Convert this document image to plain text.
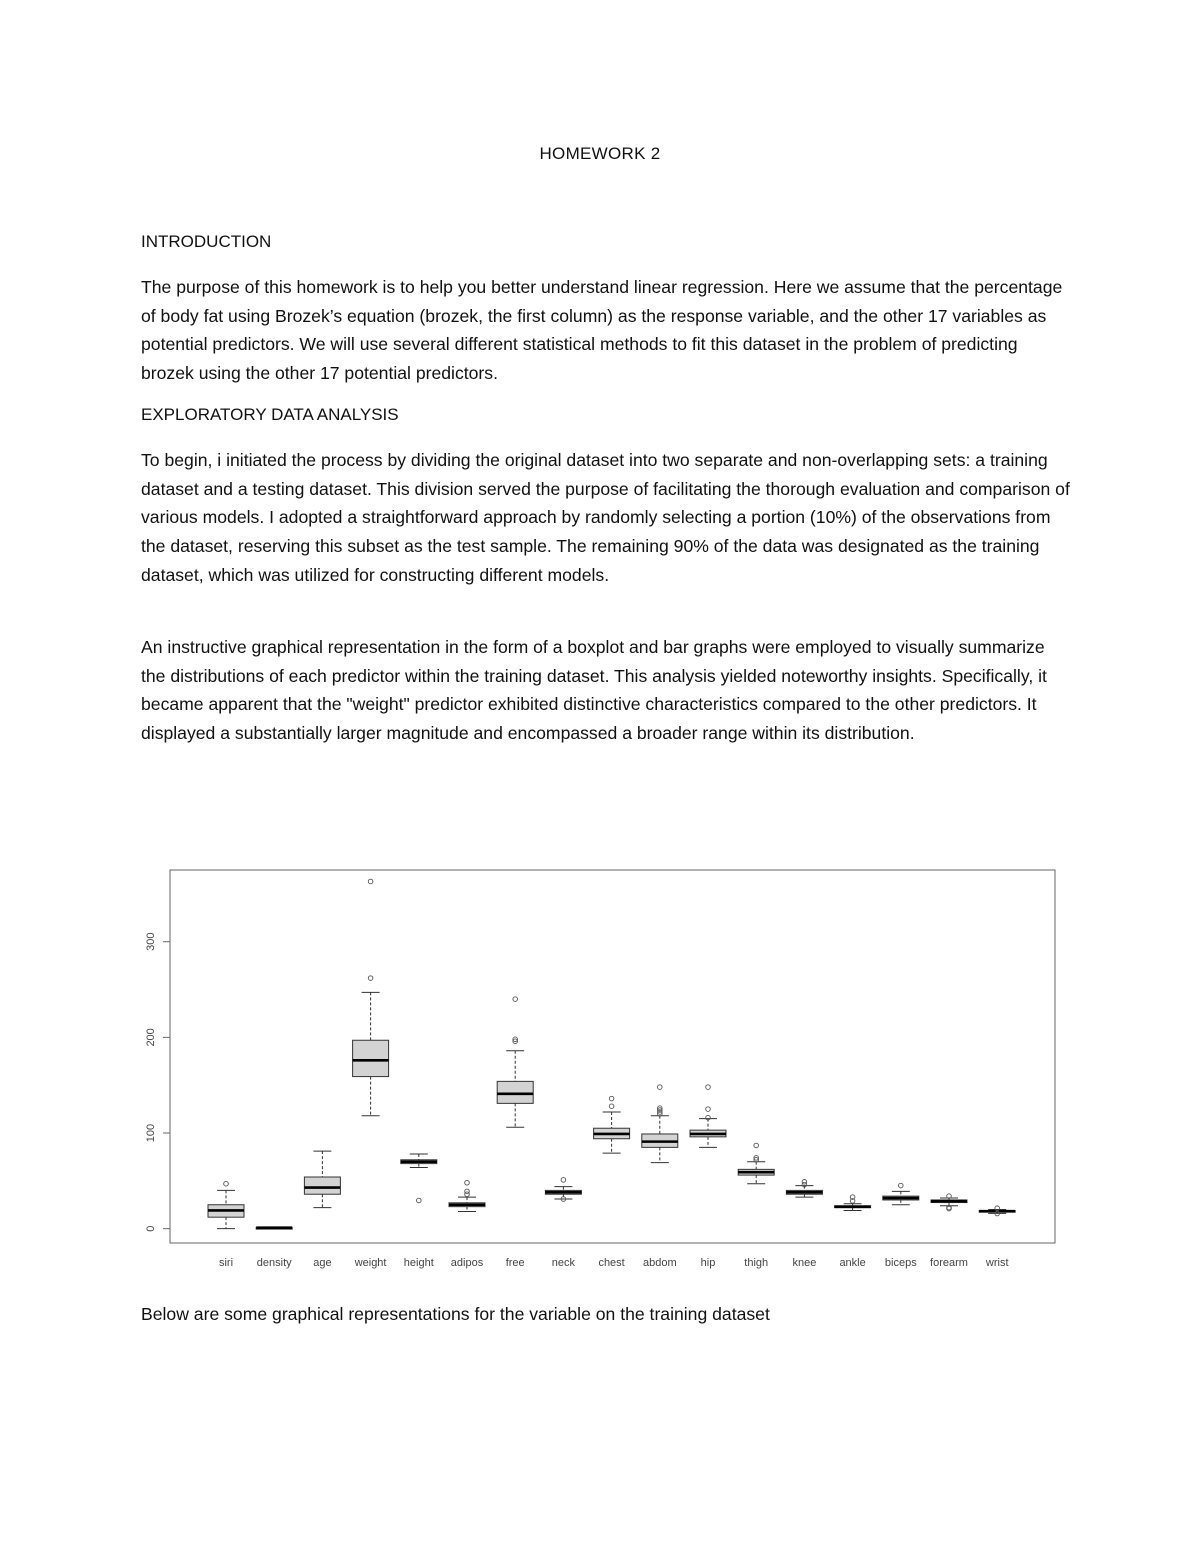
HOMEWORK 2
INTRODUCTION
The purpose of this homework is to help you better understand linear regression. Here we assume that the percentage of body fat using Brozek’s equation (brozek, the first column) as the response variable, and the other 17 variables as potential predictors. We will use several different statistical methods to fit this dataset in the problem of predicting brozek using the other 17 potential predictors.
EXPLORATORY DATA ANALYSIS
To begin, i initiated the process by dividing the original dataset into two separate and non-overlapping sets: a training dataset and a testing dataset. This division served the purpose of facilitating the thorough evaluation and comparison of various models. I adopted a straightforward approach by randomly selecting a portion (10%) of the observations from the dataset, reserving this subset as the test sample. The remaining 90% of the data was designated as the training dataset, which was utilized for constructing different models.
An instructive graphical representation in the form of a boxplot and bar graphs were employed to visually summarize the distributions of each predictor within the training dataset. This analysis yielded noteworthy insights. Specifically, it became apparent that the "weight" predictor exhibited distinctive characteristics compared to the other predictors. It displayed a substantially larger magnitude and encompassed a broader range within its distribution.
0
100
200
300
siri density age weight height adipos free neck chest abdom hip	thigh knee ankle biceps forearm wrist
Below are some graphical representations for the variable on the training dataset
